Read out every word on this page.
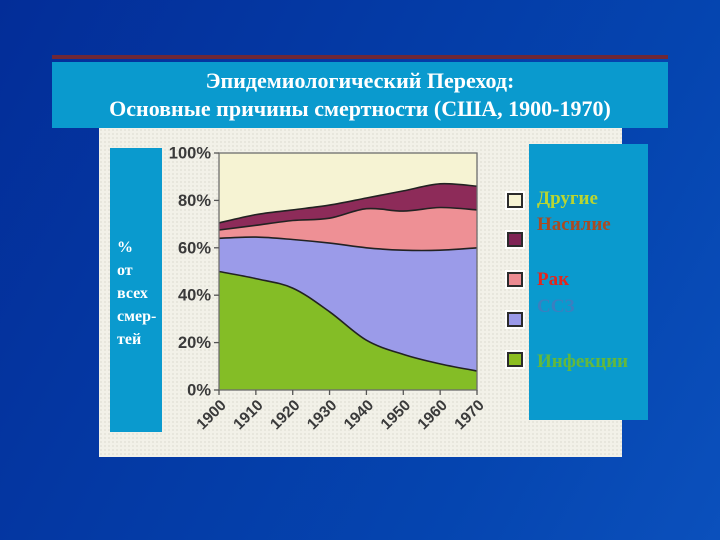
Эпидемиологический Переход:
Основные причины смертности (США, 1900-1970)
%
от
всех
смер-
тей
100%
80%
60%
40%
20%
0%
1900 1910 1920 1930 1940 1950 1960 1970
Другие
Насилие
Рак
ССЗ
Инфекции
